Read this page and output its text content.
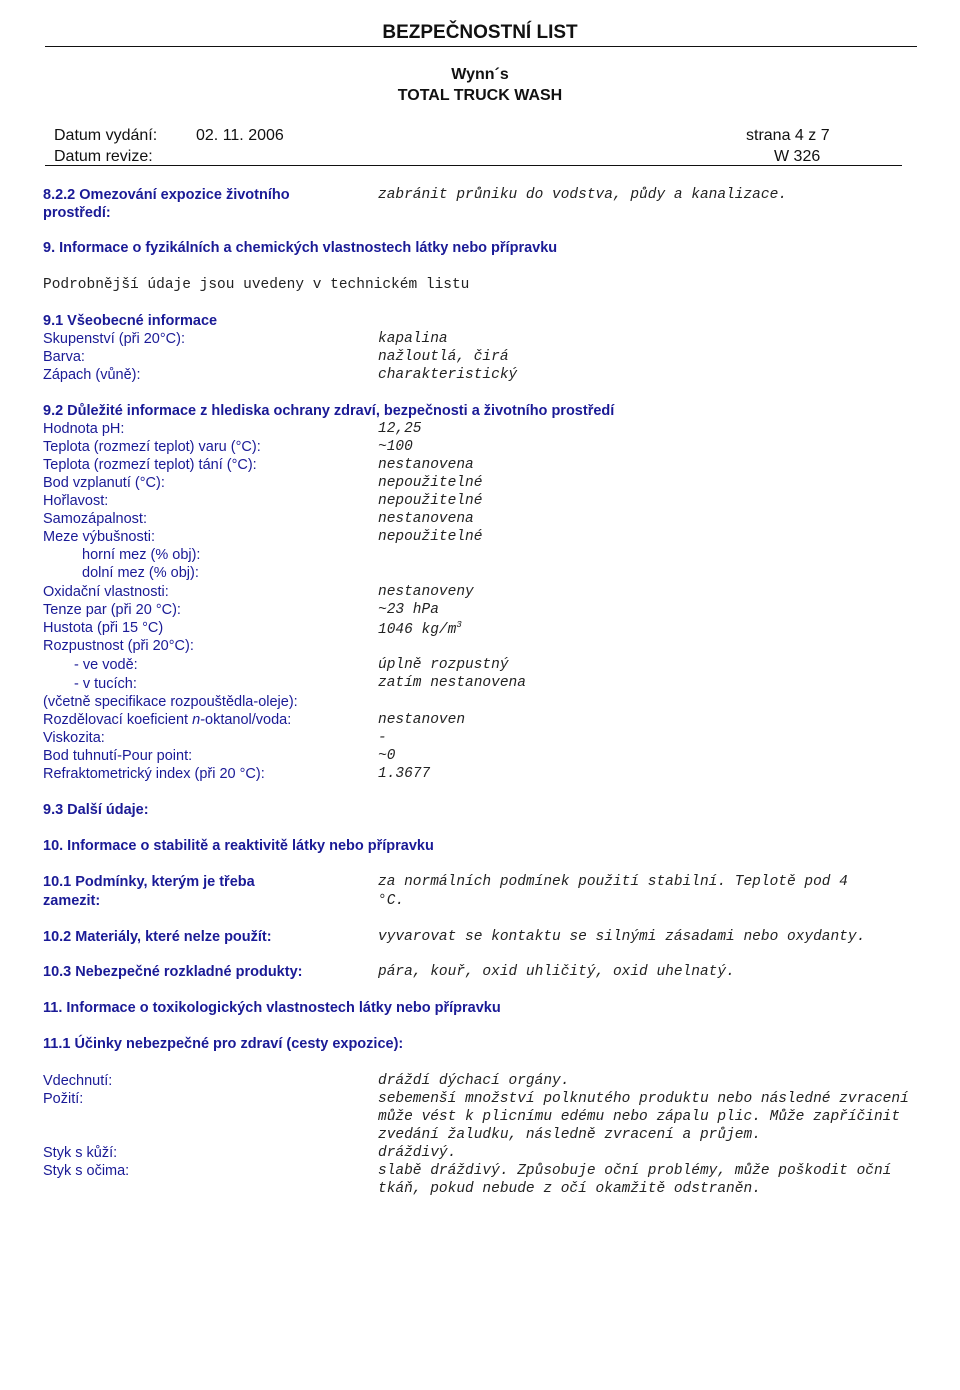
BEZPEČNOSTNÍ LIST
Wynn´s
TOTAL TRUCK WASH
Datum vydání: 02. 11. 2006	strana 4 z 7
Datum revize:	W 326
8.2.2 Omezování expozice životního
prostředí:
zabránit průniku do vodstva, půdy a kanalizace.
9. Informace o fyzikálních a chemických vlastnostech látky nebo přípravku
Podrobnější údaje jsou uvedeny v technickém listu
9.1 Všeobecné informace
Skupenství (při 20°C):	kapalina
Barva:	nažloutlá, čirá
Zápach (vůně):	charakteristický
9.2 Důležité informace z hlediska ochrany zdraví, bezpečnosti a životního prostředí
Hodnota pH:	12,25
Teplota (rozmezí teplot) varu (°C):	~100
Teplota (rozmezí teplot) tání (°C):	nestanovena
Bod vzplanutí (°C):	nepoužitelné
Hořlavost:	nepoužitelné
Samozápalnost:	nestanovena
Meze výbušnosti:	nepoužitelné
horní mez (% obj):
dolní mez (% obj):
Oxidační vlastnosti:	nestanoveny
Tenze par (při 20 °C):	~23 hPa
Hustota (při 15 °C)	1046 $kg/m^3$
Rozpustnost (při 20°C):
- ve vodě:	úplně rozpustný
- v tucích:	zatím nestanovena
(včetně specifikace rozpouštědla-oleje):
Rozdělovací koeficient n-oktanol/voda:	nestanoven
Viskozita:	-
Bod tuhnutí-Pour point:	~0
Refraktometrický index (při 20 °C):	1.3677
9.3 Další údaje:
10. Informace o stabilitě a reaktivitě látky nebo přípravku
10.1 Podmínky, kterým je třeba
zamezit:
za normálních podmínek použití stabilní. Teplotě pod 4
°C.
10.2 Materiály, které nelze použít:	vyvarovat se kontaktu se silnými zásadami nebo oxydanty.
10.3 Nebezpečné rozkladné produkty:	pára, kouř, oxid uhličitý, oxid uhelnatý.
11. Informace o toxikologických vlastnostech látky nebo přípravku
11.1 Účinky nebezpečné pro zdraví (cesty expozice):
Vdechnutí:	dráždí dýchací orgány.
Požití:	sebemenší množství polknutého produktu nebo následné zvracení
může vést k plicnímu edému nebo zápalu plic. Může zapříčinit
zvedání žaludku, následně zvracení a průjem.
Styk s kůží:	dráždivý.
Styk s očima:	slabě dráždivý. Způsobuje oční problémy, může poškodit oční
tkáň, pokud nebude z očí okamžitě odstraněn.
